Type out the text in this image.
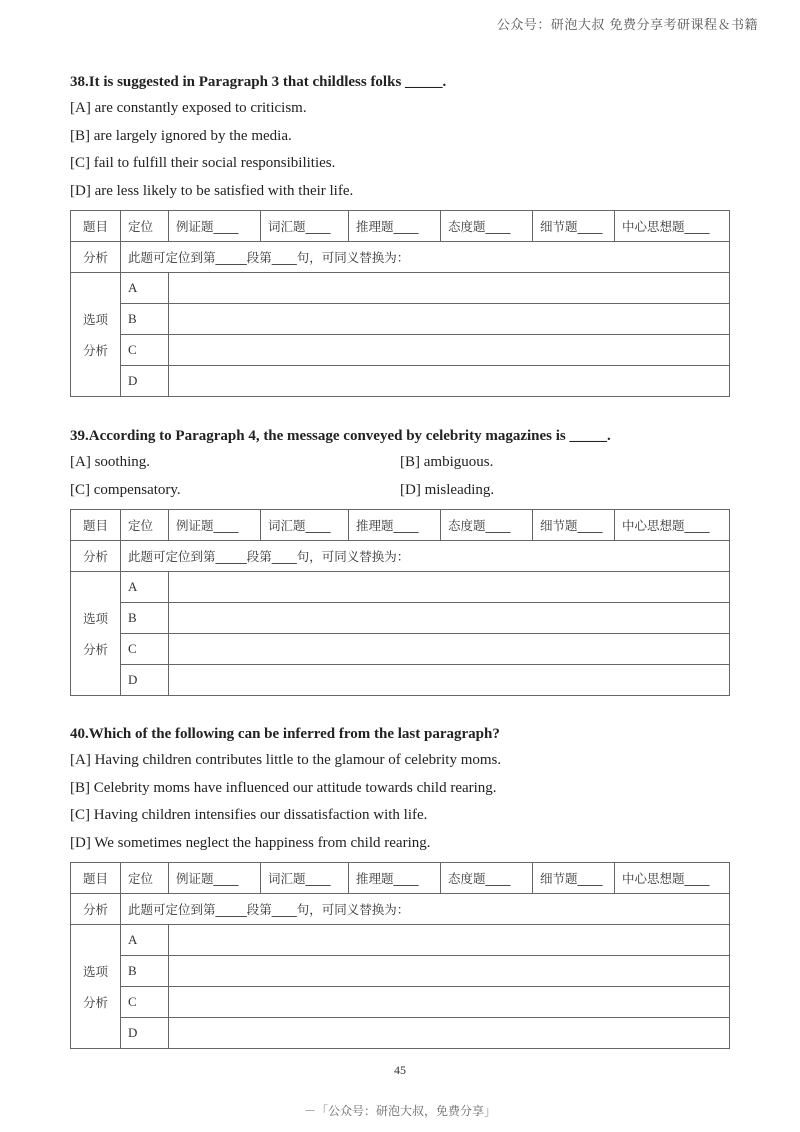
公众号：研泡大叔 免费分享考研课程＆书籍
38.It is suggested in Paragraph 3 that childless folks _____.
[A] are constantly exposed to criticism.
[B] are largely ignored by the media.
[C] fail to fulfill their social responsibilities.
[D] are less likely to be satisfied with their life.
题目	定位	例证题____	词汇题____	推理题____	态度题____	细节题____	中心思想题____
分析	此题可定位到第_____段第____句，可同义替换为：						

选项
分析	A						
	B						
	C						
	D						
39.According to Paragraph 4, the message conveyed by celebrity magazines is _____.
[A] soothing.	[B] ambiguous.
[C] compensatory.	[D] misleading.
题目	定位	例证题____	词汇题____	推理题____	态度题____	细节题____	中心思想题____
分析	此题可定位到第_____段第____句，可同义替换为：						

选项
分析	A						
	B						
	C						
	D						
40.Which of the following can be inferred from the last paragraph?
[A] Having children contributes little to the glamour of celebrity moms.
[B] Celebrity moms have influenced our attitude towards child rearing.
[C] Having children intensifies our dissatisfaction with life.
[D] We sometimes neglect the happiness from child rearing.
题目	定位	例证题____	词汇题____	推理题____	态度题____	细节题____	中心思想题____
分析	此题可定位到第_____段第____句，可同义替换为：						

选项
分析	A						
	B						
	C						
	D						
45
－「公众号：研泡大叔，免费分享」
